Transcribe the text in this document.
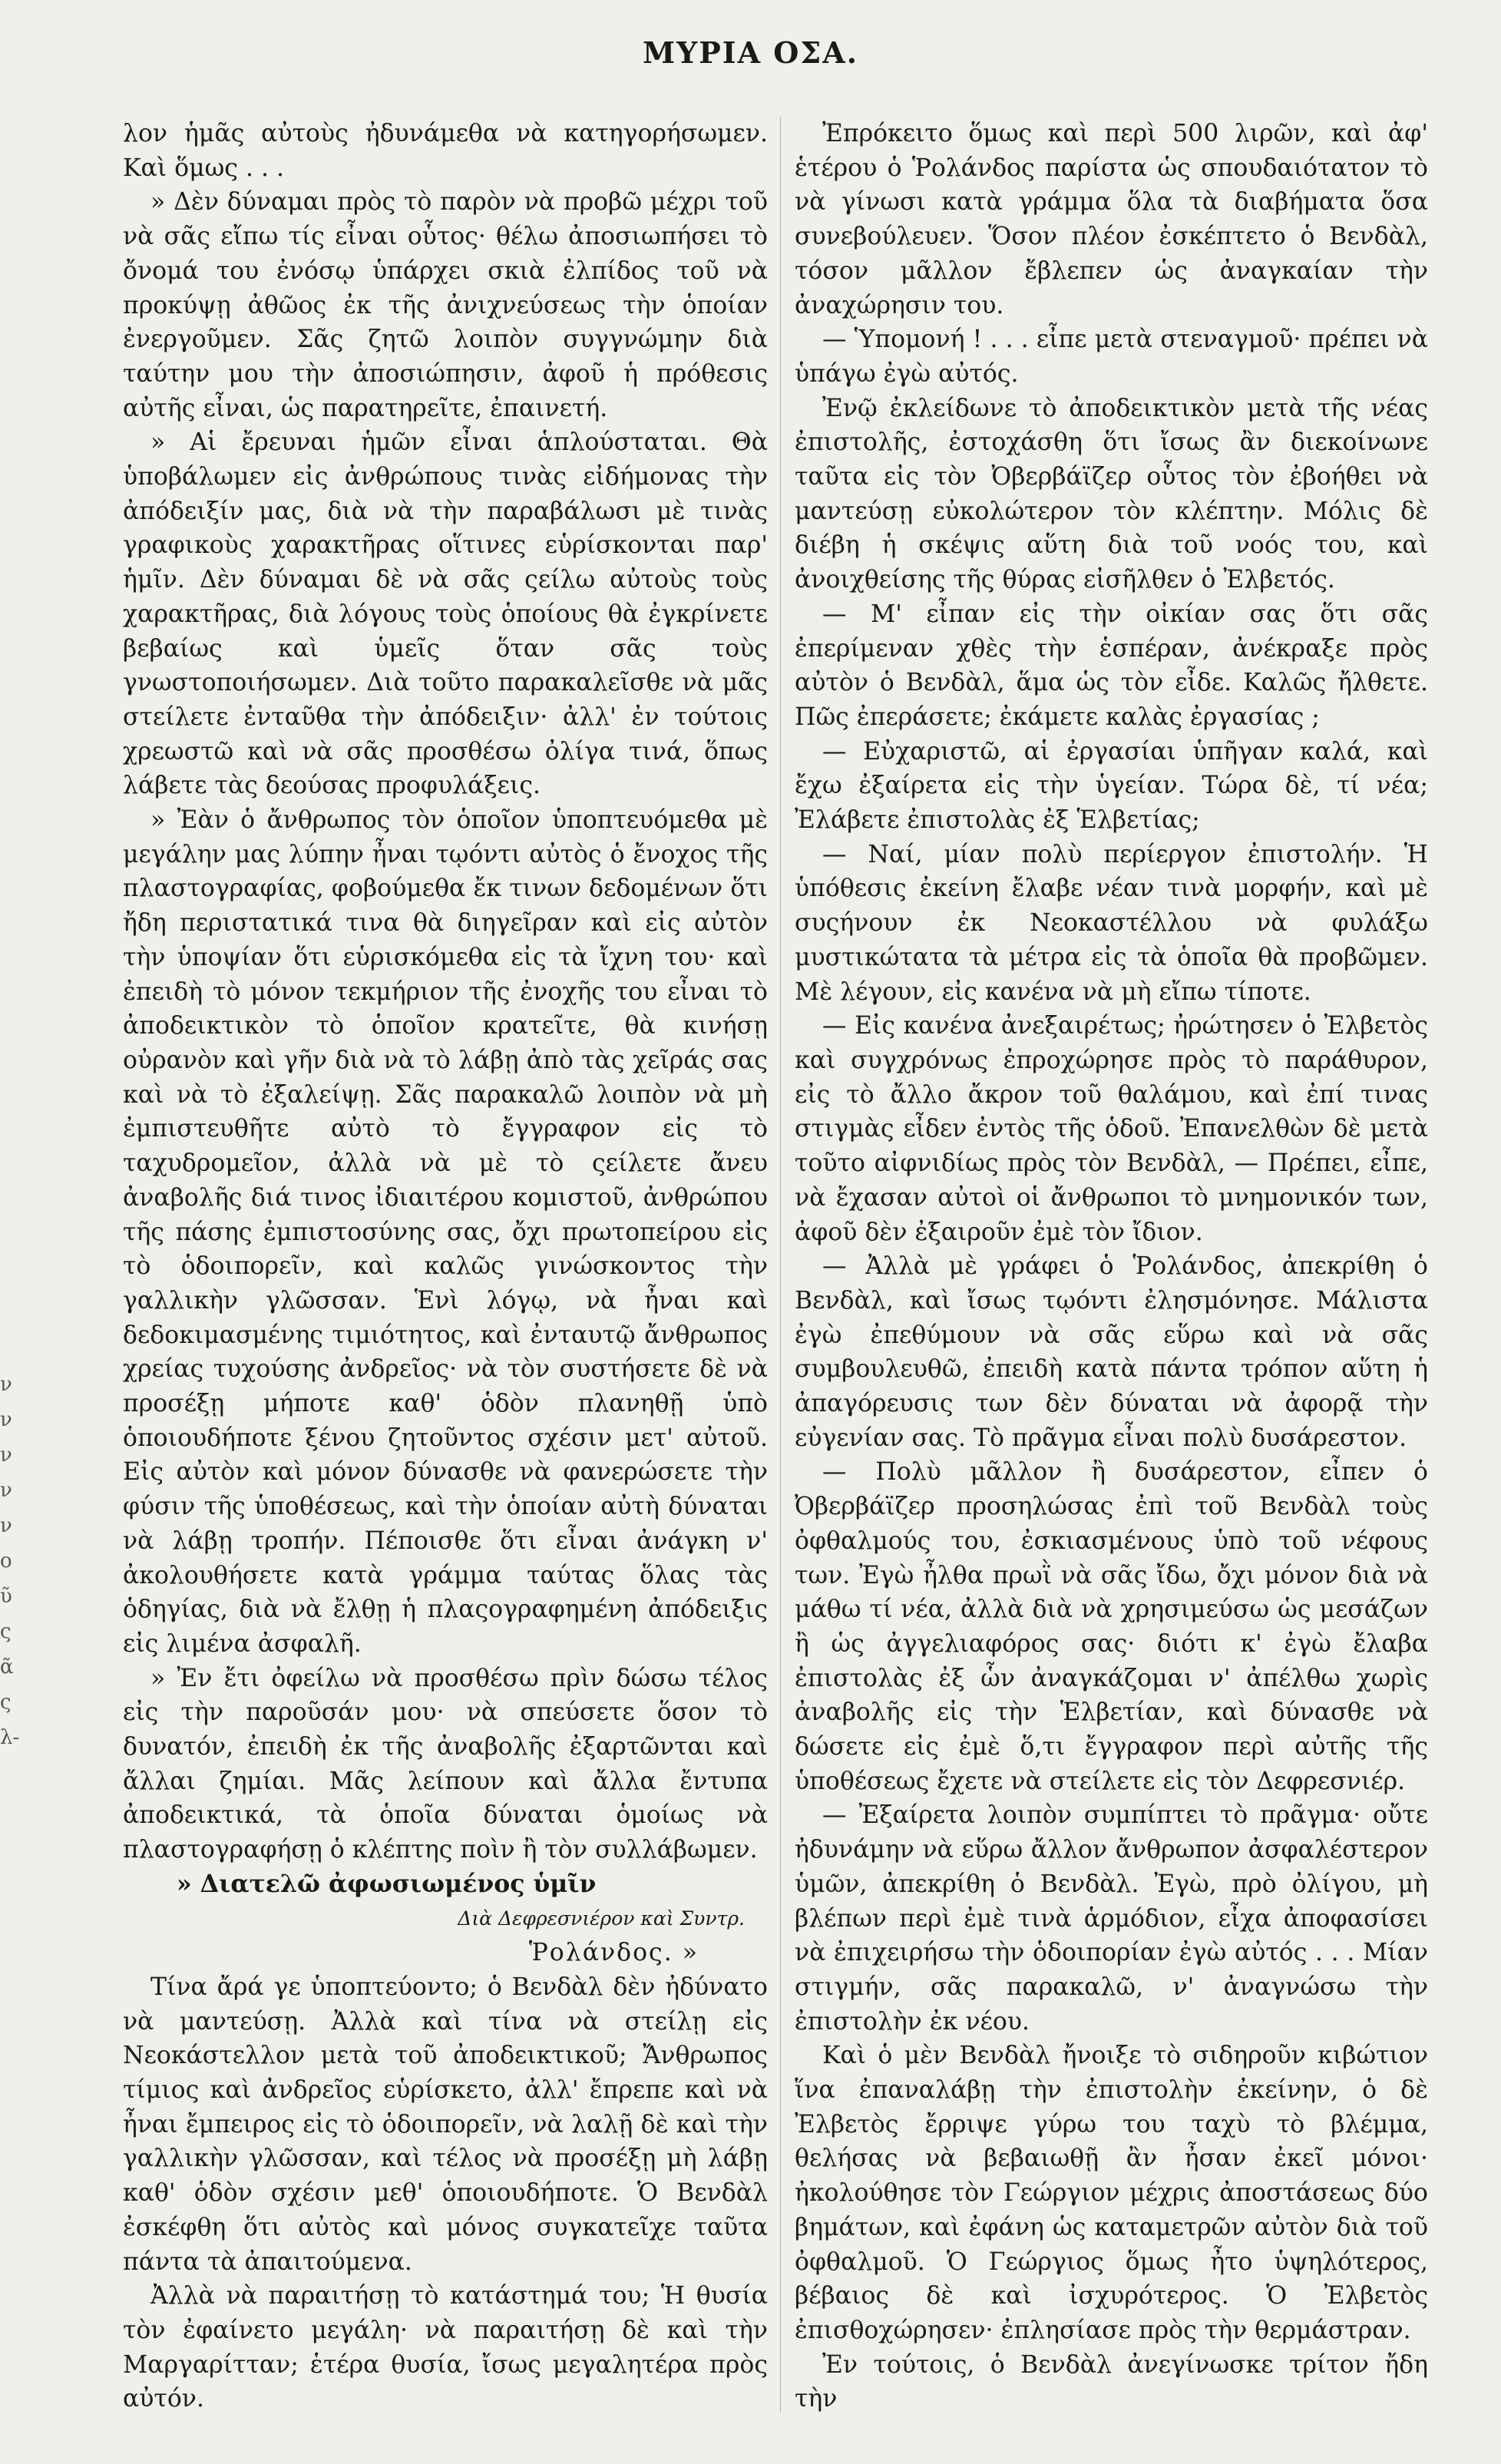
ΜΥΡΙΑ ΟΣΑ.
ν
ν
ν
ν
ν
ο
ῦ
ς
ᾶ
ς
λ-

λον ἡμᾶς αὐτοὺς ἠδυνάμεθα νὰ κατηγορήσωμεν. Καὶ ὅμως . . .

» Δὲν δύναμαι πρὸς τὸ παρὸν νὰ προβῶ μέχρι τοῦ νὰ σᾶς εἴπω τίς εἶναι οὗτος· θέλω ἀποσιωπήσει τὸ ὄνομά του ἐνόσῳ ὑπάρχει σκιὰ ἐλπίδος τοῦ νὰ προκύψῃ ἀθῶος ἐκ τῆς ἀνιχνεύσεως τὴν ὁποίαν ἐνεργοῦμεν. Σᾶς ζητῶ λοιπὸν συγγνώμην διὰ ταύτην μου τὴν ἀποσιώπησιν, ἀφοῦ ἡ πρόθεσις αὐτῆς εἶναι, ὡς παρατηρεῖτε, ἐπαινετή.

» Αἱ ἔρευναι ἡμῶν εἶναι ἁπλούσταται. Θὰ ὑποβάλωμεν εἰς ἀνθρώπους τινὰς εἰδήμονας τὴν ἀπόδειξίν μας, διὰ νὰ τὴν παραβάλωσι μὲ τινὰς γραφικοὺς χαρακτῆρας οἵτινες εὑρίσκονται παρ' ἡμῖν. Δὲν δύναμαι δὲ νὰ σᾶς ςείλω αὐτοὺς τοὺς χαρακτῆρας, διὰ λόγους τοὺς ὁποίους θὰ ἐγκρίνετε βεβαίως καὶ ὑμεῖς ὅταν σᾶς τοὺς γνωστοποιήσωμεν. Διὰ τοῦτο παρακαλεῖσθε νὰ μᾶς στείλετε ἐνταῦθα τὴν ἀπόδειξιν· ἀλλ' ἐν τούτοις χρεωστῶ καὶ νὰ σᾶς προσθέσω ὀλίγα τινά, ὅπως λάβετε τὰς δεούσας προφυλάξεις.

» Ἐὰν ὁ ἄνθρωπος τὸν ὁποῖον ὑποπτευόμεθα μὲ μεγάλην μας λύπην ἦναι τῳόντι αὐτὸς ὁ ἔνοχος τῆς πλαστογραφίας, φοβούμεθα ἔκ τινων δεδομένων ὅτι ἤδη περιστατικά τινα θὰ διηγεῖραν καὶ εἰς αὐτὸν τὴν ὑποψίαν ὅτι εὑρισκόμεθα εἰς τὰ ἴχνη του· καὶ ἐπειδὴ τὸ μόνον τεκμήριον τῆς ἐνοχῆς του εἶναι τὸ ἀποδεικτικὸν τὸ ὁποῖον κρατεῖτε, θὰ κινήσῃ οὐρανὸν καὶ γῆν διὰ νὰ τὸ λάβῃ ἀπὸ τὰς χεῖράς σας καὶ νὰ τὸ ἐξαλείψῃ. Σᾶς παρακαλῶ λοιπὸν νὰ μὴ ἐμπιστευθῆτε αὐτὸ τὸ ἔγγραφον εἰς τὸ ταχυδρομεῖον, ἀλλὰ νὰ μὲ τὸ ςείλετε ἄνευ ἀναβολῆς διά τινος ἰδιαιτέρου κομιστοῦ, ἀνθρώπου τῆς πάσης ἐμπιστοσύνης σας, ὄχι πρωτοπείρου εἰς τὸ ὁδοιπορεῖν, καὶ καλῶς γινώσκοντος τὴν γαλλικὴν γλῶσσαν. Ἑνὶ λόγῳ, νὰ ἦναι καὶ δεδοκιμασμένης τιμιότητος, καὶ ἐνταυτῷ ἄνθρωπος χρείας τυχούσης ἀνδρεῖος· νὰ τὸν συστήσετε δὲ νὰ προσέξῃ μήποτε καθ' ὁδὸν πλανηθῇ ὑπὸ ὁποιουδήποτε ξένου ζητοῦντος σχέσιν μετ' αὐτοῦ. Εἰς αὐτὸν καὶ μόνον δύνασθε νὰ φανερώσετε τὴν φύσιν τῆς ὑποθέσεως, καὶ τὴν ὁποίαν αὐτὴ δύναται νὰ λάβῃ τροπήν. Πέποισθε ὅτι εἶναι ἀνάγκη ν' ἀκολουθήσετε κατὰ γράμμα ταύτας ὅλας τὰς ὁδηγίας, διὰ νὰ ἔλθῃ ἡ πλαςογραφημένη ἀπόδειξις εἰς λιμένα ἀσφαλῆ.

» Ἐν ἔτι ὀφείλω νὰ προσθέσω πρὶν δώσω τέλος εἰς τὴν παροῦσάν μου· νὰ σπεύσετε ὅσον τὸ δυνατόν, ἐπειδὴ ἐκ τῆς ἀναβολῆς ἐξαρτῶνται καὶ ἄλλαι ζημίαι. Μᾶς λείπουν καὶ ἄλλα ἔντυπα ἀποδεικτικά, τὰ ὁποῖα δύναται ὁμοίως νὰ πλαστογραφήσῃ ὁ κλέπτης ποὶν ἢ τὸν συλλάβωμεν.

» Διατελῶ ἀφωσιωμένος ὑμῖν

Διὰ Δεφρεσνιέρον καὶ Συντρ.

Ῥολάνδος. »

Τίνα ἄρά γε ὑποπτεύοντο; ὁ Βενδὰλ δὲν ἠδύνατο νὰ μαντεύσῃ. Ἀλλὰ καὶ τίνα νὰ στείλῃ εἰς Νεοκάστελλον μετὰ τοῦ ἀποδεικτικοῦ; Ἄνθρωπος τίμιος καὶ ἀνδρεῖος εὑρίσκετο, ἀλλ' ἔπρεπε καὶ νὰ ἦναι ἔμπειρος εἰς τὸ ὁδοιπορεῖν, νὰ λαλῇ δὲ καὶ τὴν γαλλικὴν γλῶσσαν, καὶ τέλος νὰ προσέξῃ μὴ λάβῃ καθ' ὁδὸν σχέσιν μεθ' ὁποιουδήποτε. Ὁ Βενδὰλ ἐσκέφθη ὅτι αὐτὸς καὶ μόνος συγκατεῖχε ταῦτα πάντα τὰ ἀπαιτούμενα.

Ἀλλὰ νὰ παραιτήσῃ τὸ κατάστημά του; Ἡ θυσία τὸν ἐφαίνετο μεγάλη· νὰ παραιτήσῃ δὲ καὶ τὴν Μαργαρίτταν; ἑτέρα θυσία, ἴσως μεγαλητέρα πρὸς αὐτόν.

Ἐπρόκειτο ὅμως καὶ περὶ 500 λιρῶν, καὶ ἀφ' ἑτέρου ὁ Ῥολάνδος παρίστα ὡς σπουδαιότατον τὸ νὰ γίνωσι κατὰ γράμμα ὅλα τὰ διαβήματα ὅσα συνεβούλευεν. Ὅσον πλέον ἐσκέπτετο ὁ Βενδὰλ, τόσον μᾶλλον ἔβλεπεν ὡς ἀναγκαίαν τὴν ἀναχώρησιν του.

— Ὑπομονή ! . . . εἶπε μετὰ στεναγμοῦ· πρέπει νὰ ὑπάγω ἐγὼ αὐτός.

Ἐνῷ ἐκλείδωνε τὸ ἀποδεικτικὸν μετὰ τῆς νέας ἐπιστολῆς, ἐστοχάσθη ὅτι ἴσως ἂν διεκοίνωνε ταῦτα εἰς τὸν Ὀβερβάϊζερ οὗτος τὸν ἐβοήθει νὰ μαντεύσῃ εὐκολώτερον τὸν κλέπτην. Μόλις δὲ διέβη ἡ σκέψις αὕτη διὰ τοῦ νοός του, καὶ ἀνοιχθείσης τῆς θύρας εἰσῆλθεν ὁ Ἐλβετός.

— Μ' εἶπαν εἰς τὴν οἰκίαν σας ὅτι σᾶς ἐπερίμεναν χθὲς τὴν ἑσπέραν, ἀνέκραξε πρὸς αὐτὸν ὁ Βενδὰλ, ἅμα ὡς τὸν εἶδε. Καλῶς ἤλθετε. Πῶς ἐπεράσετε; ἐκάμετε καλὰς ἐργασίας ;

— Εὐχαριστῶ, αἱ ἐργασίαι ὑπῆγαν καλά, καὶ ἔχω ἐξαίρετα εἰς τὴν ὑγείαν. Τώρα δὲ, τί νέα; Ἐλάβετε ἐπιστολὰς ἐξ Ἑλβετίας;

— Ναί, μίαν πολὺ περίεργον ἐπιστολήν. Ἡ ὑπόθεσις ἐκείνη ἔλαβε νέαν τινὰ μορφήν, καὶ μὲ συςήνουν ἐκ Νεοκαστέλλου νὰ φυλάξω μυστικώτατα τὰ μέτρα εἰς τὰ ὁποῖα θὰ προβῶμεν. Μὲ λέγουν, εἰς κανένα νὰ μὴ εἴπω τίποτε.

— Εἰς κανένα ἀνεξαιρέτως; ἠρώτησεν ὁ Ἐλβετὸς καὶ συγχρόνως ἐπροχώρησε πρὸς τὸ παράθυρον, εἰς τὸ ἄλλο ἄκρον τοῦ θαλάμου, καὶ ἐπί τινας στιγμὰς εἶδεν ἐντὸς τῆς ὁδοῦ. Ἐπανελθὼν δὲ μετὰ τοῦτο αἰφνιδίως πρὸς τὸν Βενδὰλ, — Πρέπει, εἶπε, νὰ ἔχασαν αὐτοὶ οἱ ἄνθρωποι τὸ μνημονικόν των, ἀφοῦ δὲν ἐξαιροῦν ἐμὲ τὸν ἴδιον.

— Ἀλλὰ μὲ γράφει ὁ Ῥολάνδος, ἀπεκρίθη ὁ Βενδὰλ, καὶ ἴσως τῳόντι ἐλησμόνησε. Μάλιστα ἐγὼ ἐπεθύμουν νὰ σᾶς εὕρω καὶ νὰ σᾶς συμβουλευθῶ, ἐπειδὴ κατὰ πάντα τρόπον αὕτη ἡ ἀπαγόρευσις των δὲν δύναται νὰ ἀφορᾷ τὴν εὐγενίαν σας. Τὸ πρᾶγμα εἶναι πολὺ δυσάρεστον.

— Πολὺ μᾶλλον ἢ δυσάρεστον, εἶπεν ὁ Ὀβερβάϊζερ προσηλώσας ἐπὶ τοῦ Βενδὰλ τοὺς ὀφθαλμούς του, ἐσκιασμένους ὑπὸ τοῦ νέφους των. Ἐγὼ ἦλθα πρωῒ νὰ σᾶς ἴδω, ὄχι μόνον διὰ νὰ μάθω τί νέα, ἀλλὰ διὰ νὰ χρησιμεύσω ὡς μεσάζων ἢ ὡς ἀγγελιαφόρος σας· διότι κ' ἐγὼ ἔλαβα ἐπιστολὰς ἐξ ὧν ἀναγκάζομαι ν' ἀπέλθω χωρὶς ἀναβολῆς εἰς τὴν Ἑλβετίαν, καὶ δύνασθε νὰ δώσετε εἰς ἐμὲ ὅ,τι ἔγγραφον περὶ αὐτῆς τῆς ὑποθέσεως ἔχετε νὰ στείλετε εἰς τὸν Δεφρεσνιέρ.

— Ἐξαίρετα λοιπὸν συμπίπτει τὸ πρᾶγμα· οὔτε ἠδυνάμην νὰ εὕρω ἄλλον ἄνθρωπον ἀσφαλέστερον ὑμῶν, ἀπεκρίθη ὁ Βενδὰλ. Ἐγὼ, πρὸ ὀλίγου, μὴ βλέπων περὶ ἐμὲ τινὰ ἁρμόδιον, εἶχα ἀποφασίσει νὰ ἐπιχειρήσω τὴν ὁδοιπορίαν ἐγὼ αὐτός . . . Μίαν στιγμήν, σᾶς παρακαλῶ, ν' ἀναγνώσω τὴν ἐπιστολὴν ἐκ νέου.

Καὶ ὁ μὲν Βενδὰλ ἤνοιξε τὸ σιδηροῦν κιβώτιον ἵνα ἐπαναλάβῃ τὴν ἐπιστολὴν ἐκείνην, ὁ δὲ Ἐλβετὸς ἔρριψε γύρω του ταχὺ τὸ βλέμμα, θελήσας νὰ βεβαιωθῇ ἂν ἦσαν ἐκεῖ μόνοι· ἠκολούθησε τὸν Γεώργιον μέχρις ἀποστάσεως δύο βημάτων, καὶ ἐφάνη ὡς καταμετρῶν αὐτὸν διὰ τοῦ ὀφθαλμοῦ. Ὁ Γεώργιος ὅμως ἦτο ὑψηλότερος, βέβαιος δὲ καὶ ἰσχυρότερος. Ὁ Ἐλβετὸς ἐπισθοχώρησεν· ἐπλησίασε πρὸς τὴν θερμάστραν.

Ἐν τούτοις, ὁ Βενδὰλ ἀνεγίνωσκε τρίτον ἤδη τὴν
